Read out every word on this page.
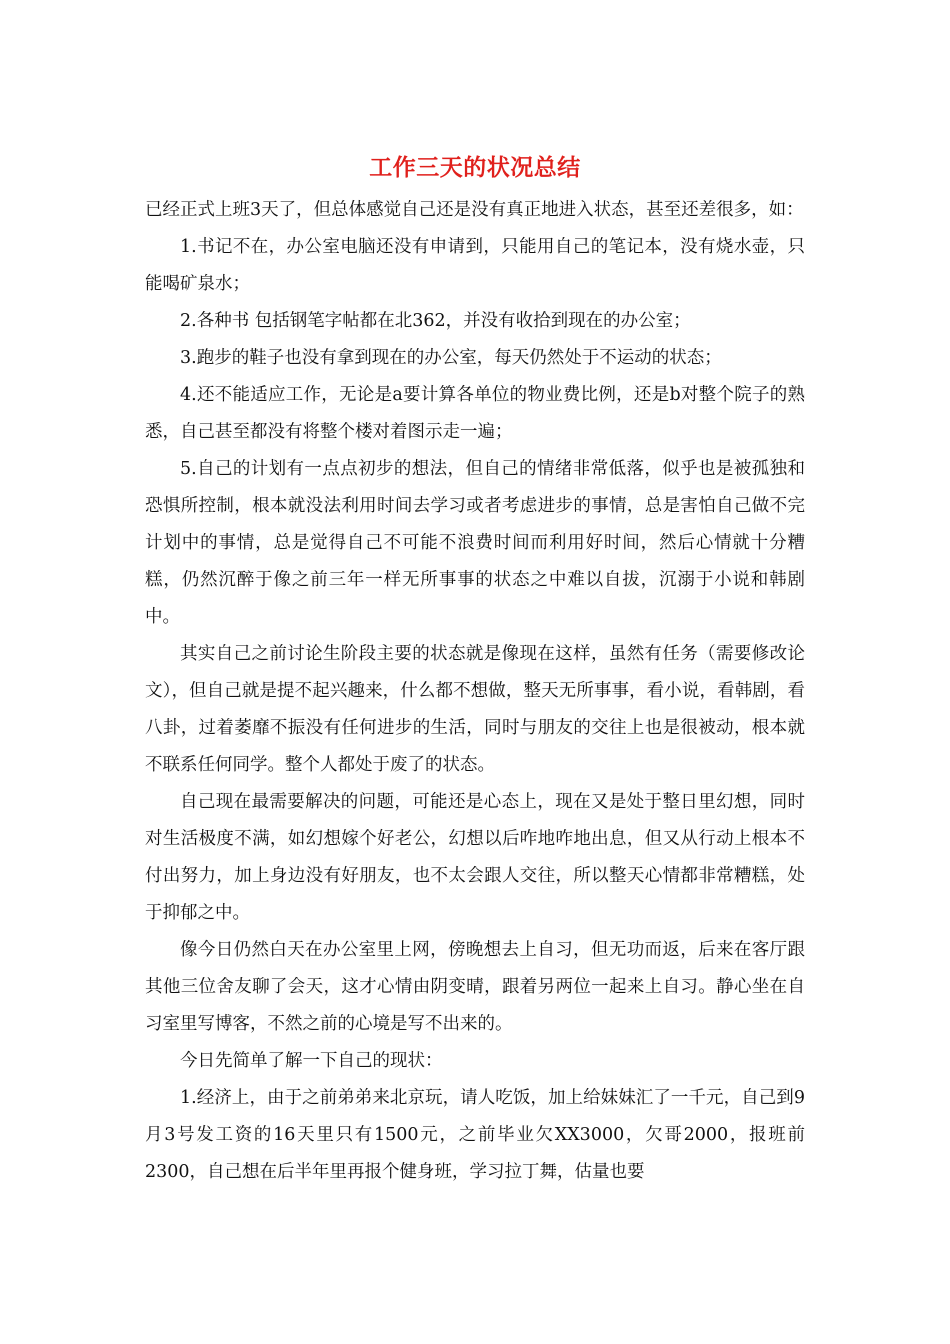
工作三天的状况总结

已经正式上班3天了，但总体感觉自己还是没有真正地进入状态，甚至还差很多，如：

1.书记不在，办公室电脑还没有申请到，只能用自己的笔记本，没有烧水壶，只能喝矿泉水；

2.各种书 包括钢笔字帖都在北362，并没有收拾到现在的办公室；

3.跑步的鞋子也没有拿到现在的办公室，每天仍然处于不运动的状态；

4.还不能适应工作，无论是a要计算各单位的物业费比例，还是b对整个院子的熟悉，自己甚至都没有将整个楼对着图示走一遍；

5.自己的计划有一点点初步的想法，但自己的情绪非常低落，似乎也是被孤独和恐惧所控制，根本就没法利用时间去学习或者考虑进步的事情，总是害怕自己做不完计划中的事情，总是觉得自己不可能不浪费时间而利用好时间，然后心情就十分糟糕，仍然沉醉于像之前三年一样无所事事的状态之中难以自拔，沉溺于小说和韩剧中。

其实自己之前讨论生阶段主要的状态就是像现在这样，虽然有任务（需要修改论文），但自己就是提不起兴趣来，什么都不想做，整天无所事事，看小说，看韩剧，看八卦，过着萎靡不振没有任何进步的生活，同时与朋友的交往上也是很被动，根本就不联系任何同学。整个人都处于废了的状态。

自己现在最需要解决的问题，可能还是心态上，现在又是处于整日里幻想，同时对生活极度不满，如幻想嫁个好老公，幻想以后咋地咋地出息，但又从行动上根本不付出努力，加上身边没有好朋友，也不太会跟人交往，所以整天心情都非常糟糕，处于抑郁之中。

像今日仍然白天在办公室里上网，傍晚想去上自习，但无功而返，后来在客厅跟其他三位舍友聊了会天，这才心情由阴变晴，跟着另两位一起来上自习。静心坐在自习室里写博客，不然之前的心境是写不出来的。

今日先简单了解一下自己的现状：

1.经济上，由于之前弟弟来北京玩，请人吃饭，加上给妹妹汇了一千元，自己到9月3号发工资的16天里只有1500元，之前毕业欠XX3000，欠哥2000，报班前2300，自己想在后半年里再报个健身班，学习拉丁舞，估量也要
